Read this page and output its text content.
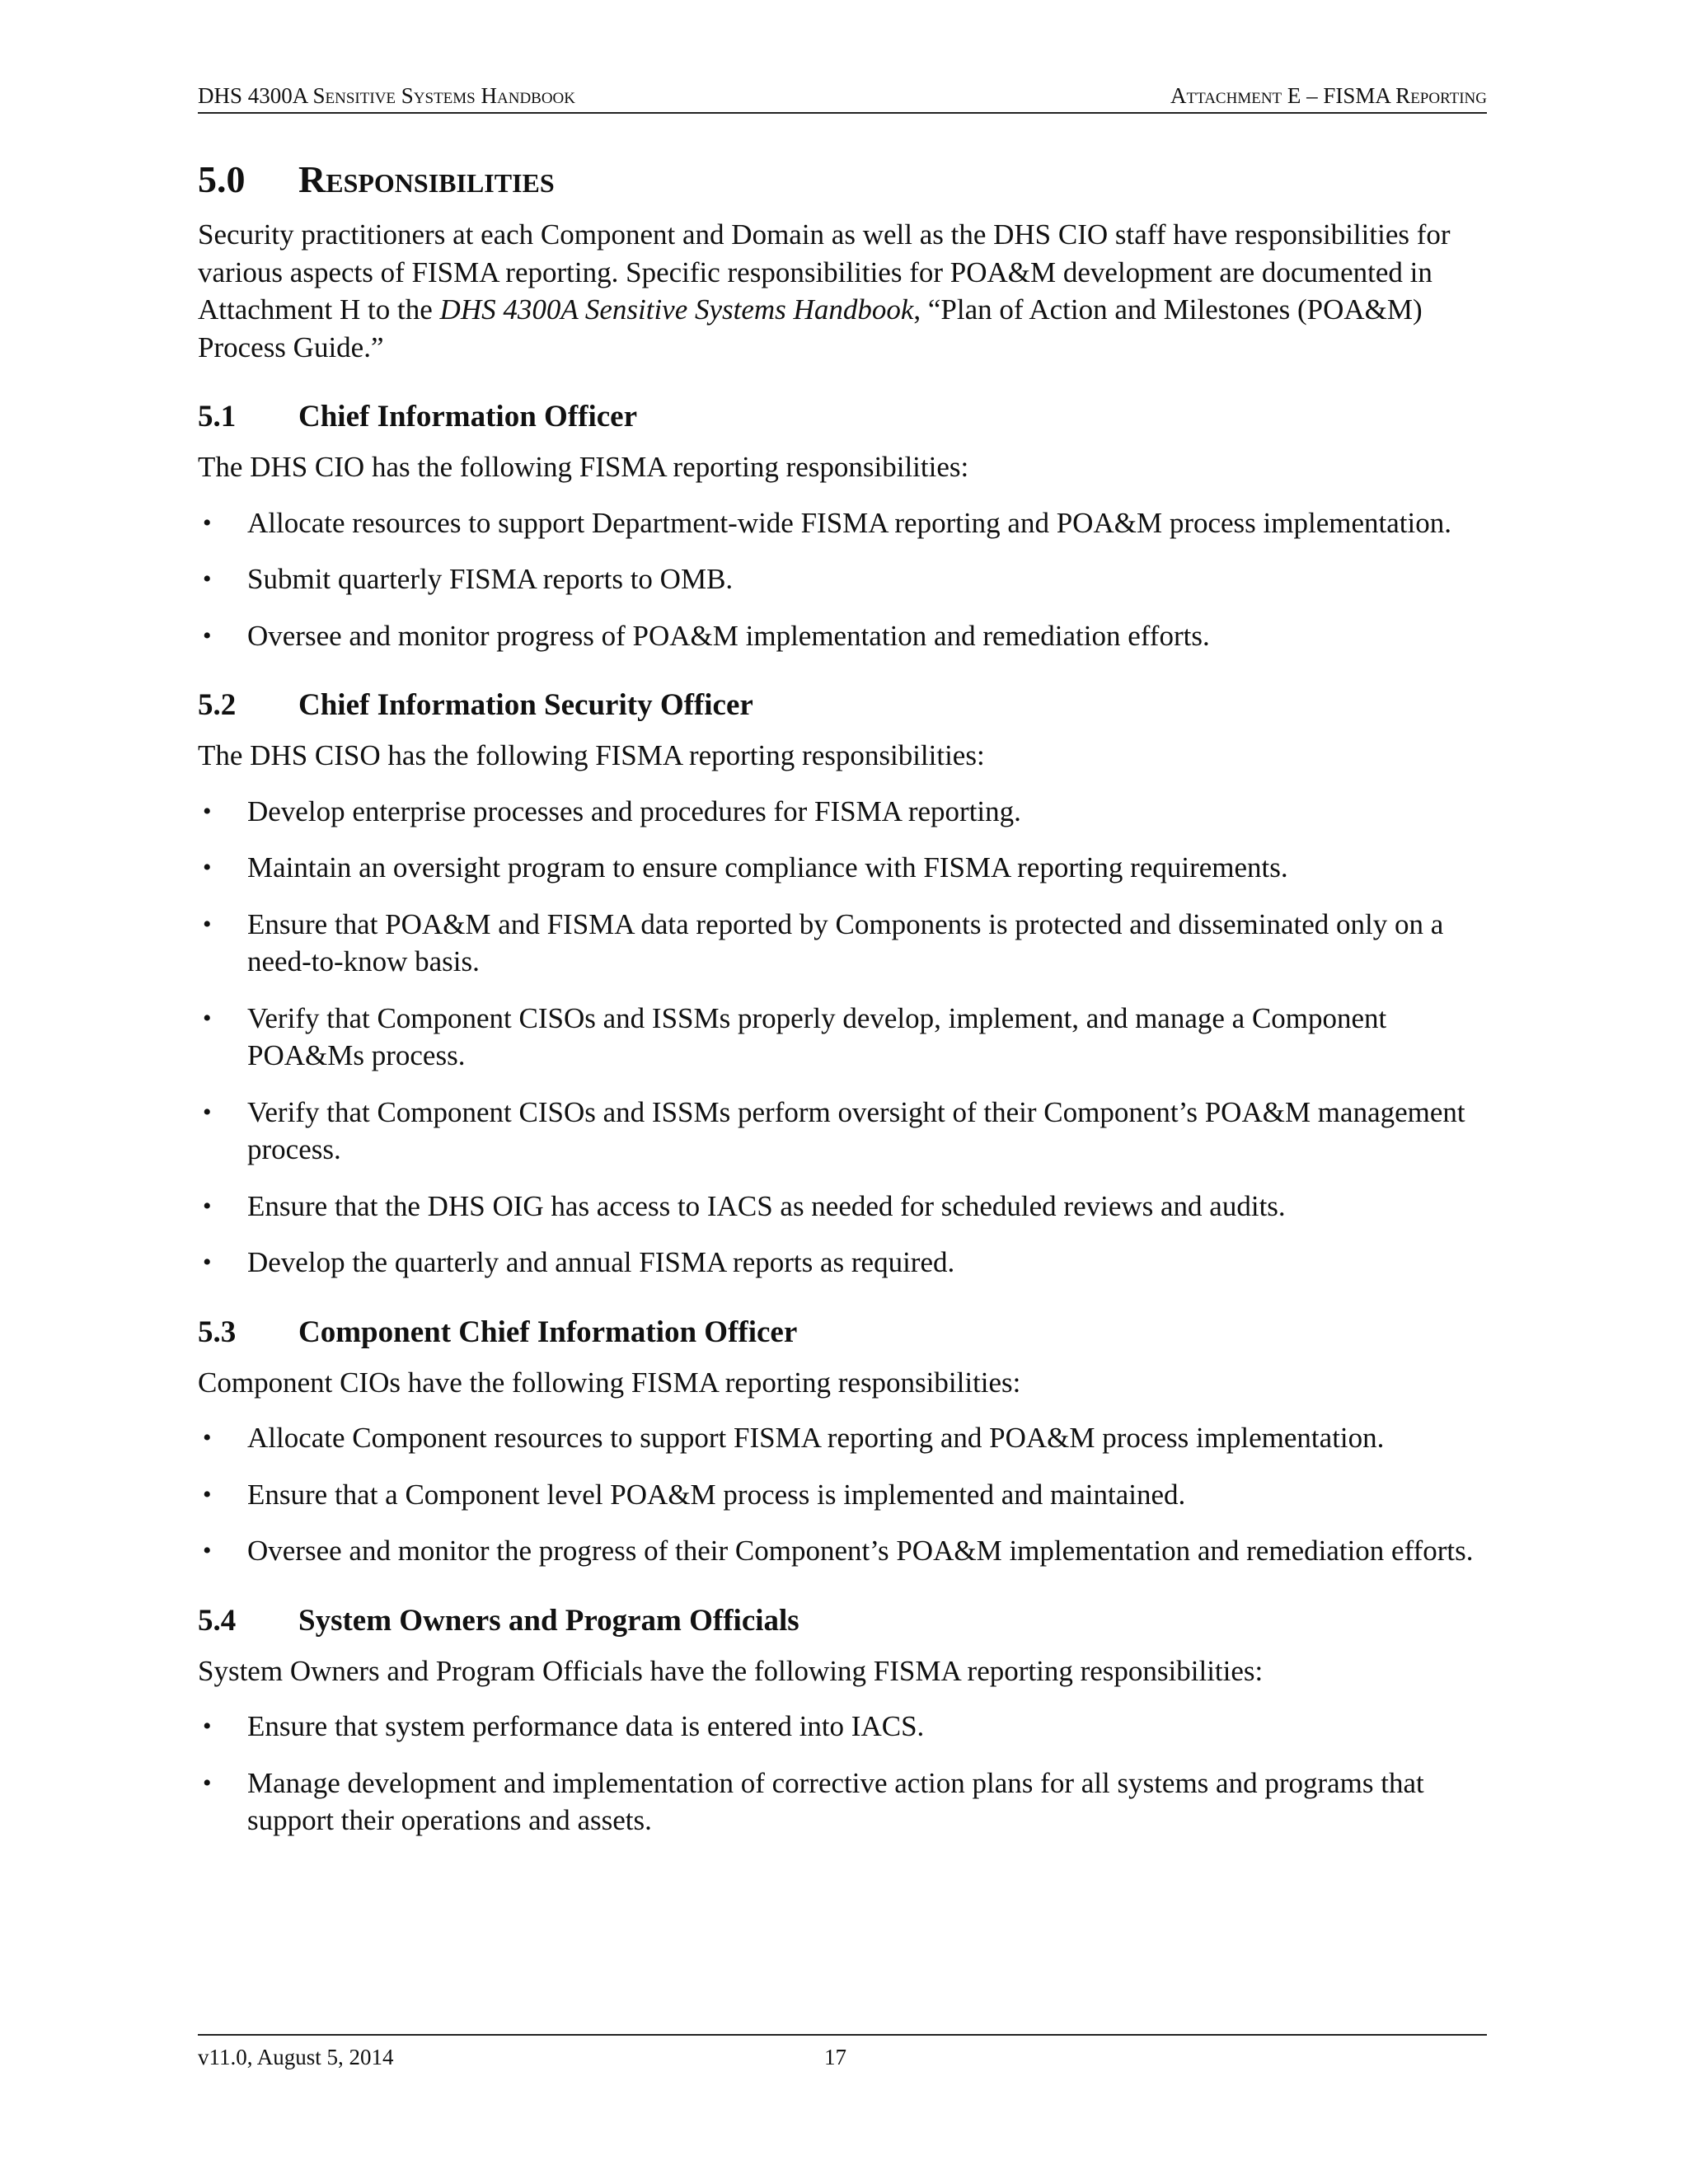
DHS 4300A Sensitive Systems Handbook	Attachment E – FISMA Reporting
5.0 Responsibilities

Security practitioners at each Component and Domain as well as the DHS CIO staff have responsibilities for various aspects of FISMA reporting. Specific responsibilities for POA&M development are documented in Attachment H to the DHS 4300A Sensitive Systems Handbook, “Plan of Action and Milestones (POA&M) Process Guide.”

5.1 Chief Information Officer

The DHS CIO has the following FISMA reporting responsibilities:

• Allocate resources to support Department-wide FISMA reporting and POA&M process implementation.
• Submit quarterly FISMA reports to OMB.
• Oversee and monitor progress of POA&M implementation and remediation efforts.
5.2 Chief Information Security Officer

The DHS CISO has the following FISMA reporting responsibilities:

• Develop enterprise processes and procedures for FISMA reporting.
• Maintain an oversight program to ensure compliance with FISMA reporting requirements.
• Ensure that POA&M and FISMA data reported by Components is protected and disseminated only on a need-to-know basis.
• Verify that Component CISOs and ISSMs properly develop, implement, and manage a Component POA&Ms process.
• Verify that Component CISOs and ISSMs perform oversight of their Component’s POA&M management process.
• Ensure that the DHS OIG has access to IACS as needed for scheduled reviews and audits.
• Develop the quarterly and annual FISMA reports as required.
5.3 Component Chief Information Officer

Component CIOs have the following FISMA reporting responsibilities:

• Allocate Component resources to support FISMA reporting and POA&M process implementation.
• Ensure that a Component level POA&M process is implemented and maintained.
• Oversee and monitor the progress of their Component’s POA&M implementation and remediation efforts.
5.4 System Owners and Program Officials

System Owners and Program Officials have the following FISMA reporting responsibilities:

• Ensure that system performance data is entered into IACS.
• Manage development and implementation of corrective action plans for all systems and programs that support their operations and assets.
v11.0, August 5, 2014	17
